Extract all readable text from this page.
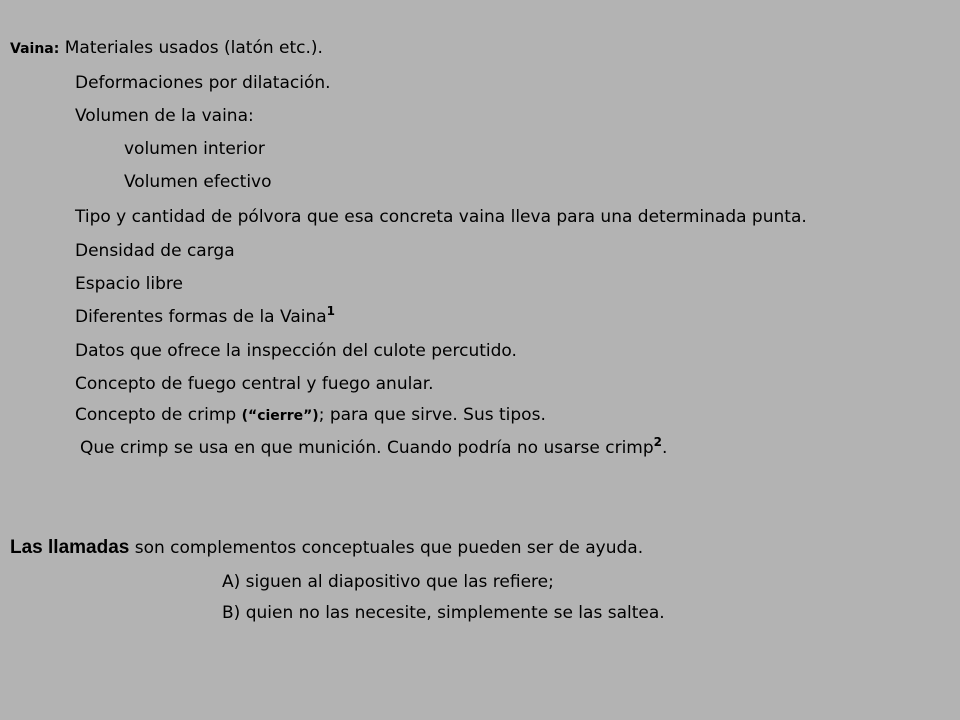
Vaina: Materiales usados (latón etc.).
Deformaciones por dilatación.
Volumen de la vaina:
volumen interior
Volumen efectivo
Tipo y cantidad de pólvora que esa concreta vaina lleva para una determinada punta.
Densidad de carga
Espacio libre
Diferentes formas de la Vaina$^1$
Datos que ofrece la inspección del culote percutido.
Concepto de fuego central y fuego anular.
Concepto de crimp (“cierre”); para que sirve. Sus tipos.
Que crimp se usa en que munición. Cuando podría no usarse crimp$^2$.
Las llamadas son complementos conceptuales que pueden ser de ayuda.
A) siguen al diapositivo que las refiere;
B) quien no las necesite, simplemente se las saltea.
